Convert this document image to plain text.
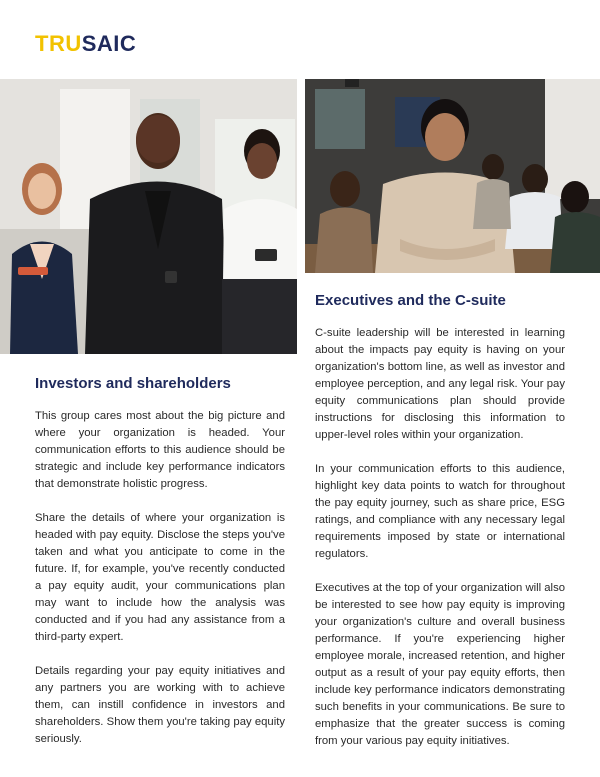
TRUSAIC
Investors and shareholders

This group cares most about the big picture and where your organization is headed. Your communication efforts to this audience should be strategic and include key performance indicators that demonstrate holistic progress.

Share the details of where your organization is headed with pay equity. Disclose the steps you've taken and what you anticipate to come in the future. If, for example, you've recently conducted a pay equity audit, your communications plan may want to include how the analysis was conducted and if you had any assistance from a third-party expert.

Details regarding your pay equity initiatives and any partners you are working with to achieve them, can instill confidence in investors and shareholders. Show them you're taking pay equity seriously.

Executives and the C-suite

C-suite leadership will be interested in learning about the impacts pay equity is having on your organization's bottom line, as well as investor and employee perception, and any legal risk. Your pay equity communications plan should provide instructions for disclosing this information to upper-level roles within your organization.

In your communication efforts to this audience, highlight key data points to watch for throughout the pay equity journey, such as share price, ESG ratings, and compliance with any necessary legal requirements imposed by state or international regulators.

Executives at the top of your organization will also be interested to see how pay equity is improving your organization's culture and overall business performance. If you're experiencing higher employee morale, increased retention, and higher output as a result of your pay equity efforts, then include key performance indicators demonstrating such benefits in your communications. Be sure to emphasize that the greater success is coming from your various pay equity initiatives.
